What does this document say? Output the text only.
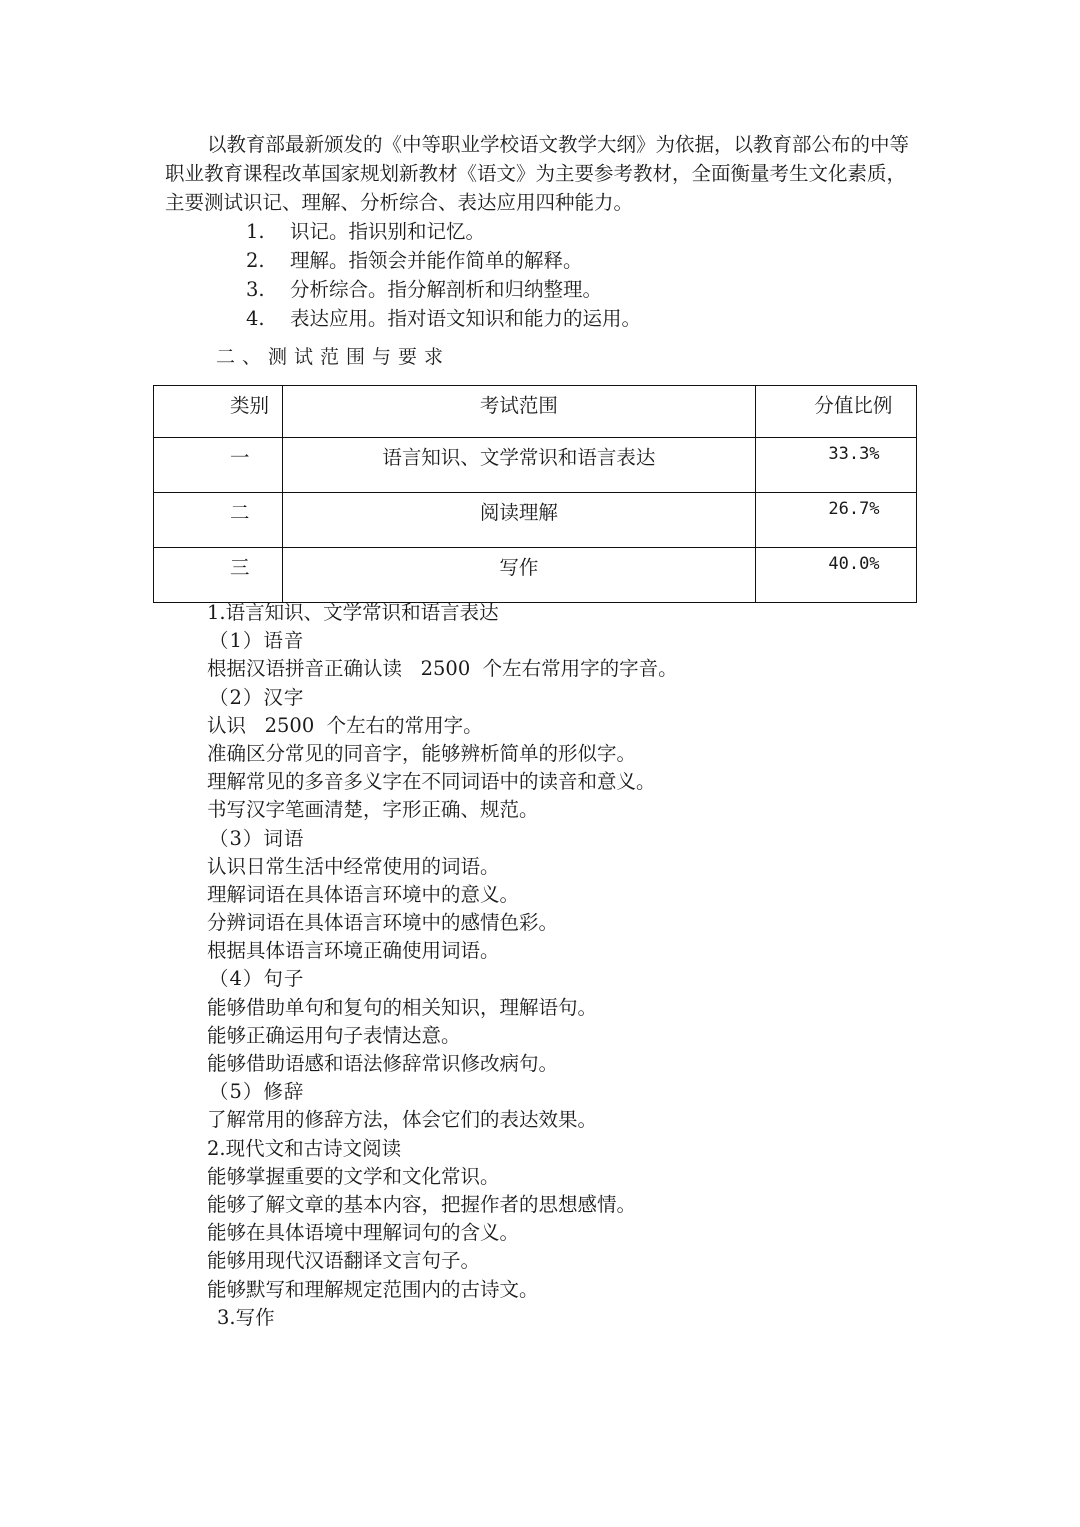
以教育部最新颁发的《中等职业学校语文教学大纲》为依据，以教育部公布的中等职业教育课程改革国家规划新教材《语文》为主要参考教材，全面衡量考生文化素质，主要测试识记、理解、分析综合、表达应用四种能力。

1. 识记。指识别和记忆。
2. 理解。指领会并能作简单的解释。
3. 分析综合。指分解剖析和归纳整理。
4. 表达应用。指对语文知识和能力的运用。
二、测试范围与要求
类别	考试范围	分值比例

一	语言知识、文学常识和语言表达	33.3%

二	阅读理解	26.7%

三	写作	40.0%
1.语言知识、文学常识和语言表达
（1）语音
根据汉语拼音正确认读   2500  个左右常用字的字音。
（2）汉字
认识   2500  个左右的常用字。
准确区分常见的同音字，能够辨析简单的形似字。
理解常见的多音多义字在不同词语中的读音和意义。
书写汉字笔画清楚，字形正确、规范。
（3）词语
认识日常生活中经常使用的词语。
理解词语在具体语言环境中的意义。
分辨词语在具体语言环境中的感情色彩。
根据具体语言环境正确使用词语。
（4）句子
能够借助单句和复句的相关知识，理解语句。
能够正确运用句子表情达意。
能够借助语感和语法修辞常识修改病句。
（5）修辞
了解常用的修辞方法，体会它们的表达效果。
2.现代文和古诗文阅读
能够掌握重要的文学和文化常识。
能够了解文章的基本内容，把握作者的思想感情。
能够在具体语境中理解词句的含义。
能够用现代汉语翻译文言句子。
能够默写和理解规定范围内的古诗文。
3.写作
